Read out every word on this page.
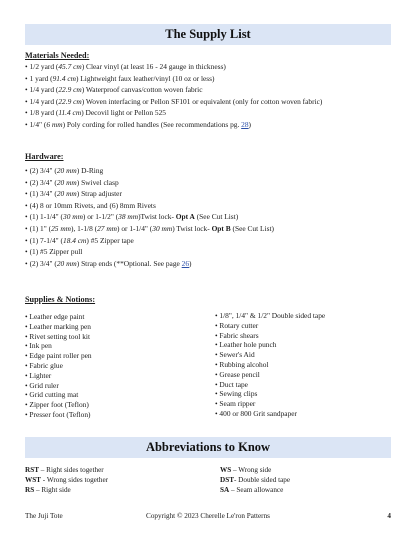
The Supply List
Materials Needed:
• 1/2 yard (45.7 cm) Clear vinyl (at least 16 - 24 gauge in thickness)
• 1 yard (91.4 cm) Lightweight faux leather/vinyl (10 oz or less)
• 1/4 yard (22.9 cm) Waterproof canvas/cotton woven fabric
• 1/4 yard (22.9 cm) Woven interfacing or Pellon SF101 or equivalent (only for cotton woven fabric)
• 1/8 yard (11.4 cm) Decovil light or Pellon 525
• 1/4" (6 mm) Poly cording for rolled handles (See recommendations pg. 28)
Hardware:
• (2) 3/4" (20 mm) D-Ring
• (2) 3/4" (20 mm) Swivel clasp
• (1) 3/4" (20 mm) Strap adjuster
• (4) 8 or 10mm Rivets, and (6) 8mm Rivets
• (1) 1-1/4" (30 mm) or 1-1/2" (38 mm)Twist lock- Opt A (See Cut List)
• (1) 1" (25 mm), 1-1/8 (27 mm) or 1-1/4" (30 mm) Twist lock- Opt B (See Cut List)
• (1) 7-1/4" (18.4 cm) #5 Zipper tape
• (1) #5 Zipper pull
• (2) 3/4" (20 mm) Strap ends (**Optional. See page 26)
Supplies & Notions:
• Leather edge paint
• Leather marking pen
• Rivet setting tool kit
• Ink pen
• Edge paint roller pen
• Fabric glue
• Lighter
• Grid ruler
• Grid cutting mat
• Zipper foot (Teflon)
• Presser foot (Teflon)
• 1/8", 1/4" & 1/2" Double sided tape
• Rotary cutter
• Fabric shears
• Leather hole punch
• Sewer's Aid
• Rubbing alcohol
• Grease pencil
• Duct tape
• Sewing clips
• Seam ripper
• 400 or 800 Grit sandpaper
Abbreviations to Know
RST – Right sides together
WST - Wrong sides together
RS – Right side
WS – Wrong side
DST- Double sided tape
SA – Seam allowance
The Juji Tote	Copyright © 2023 Cherelle Le'ron Patterns	4
